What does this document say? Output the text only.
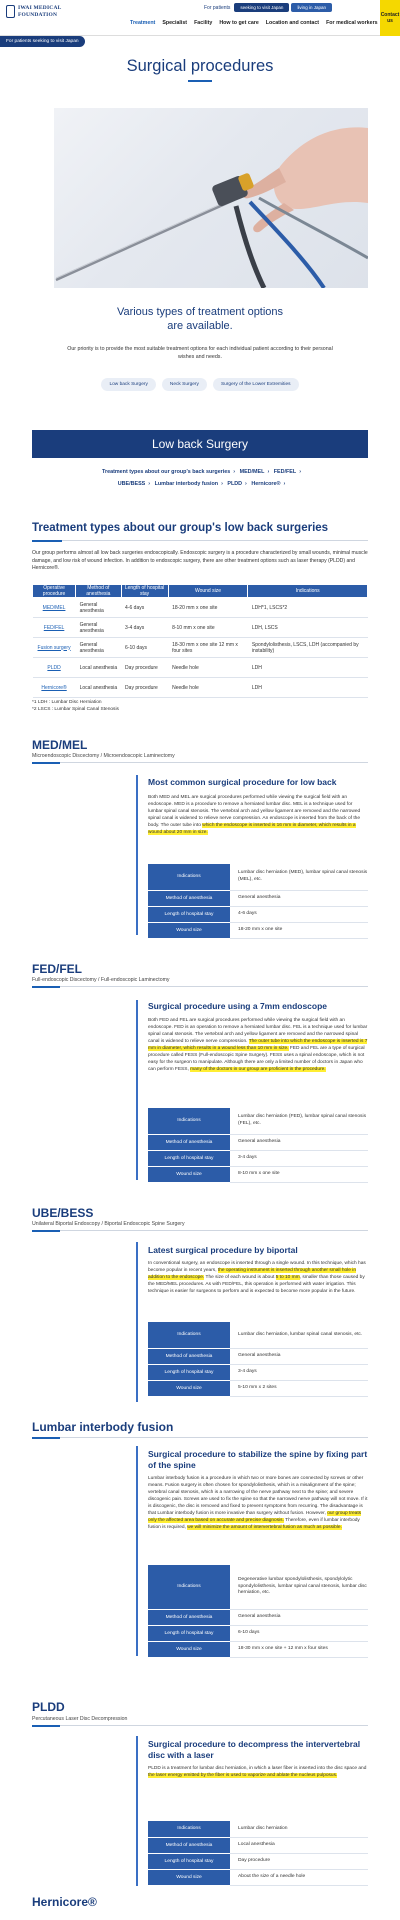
IWAI MEDICAL
FOUNDATION
For patients	seeking to visit Japan	living in Japan
Treatment Specialist Facility How to get care Location and contact For medical workers
Contact
us
For patients seeking to visit Japan
Surgical procedures
Various types of treatment options
are available.

Our priority is to provide the most suitable treatment options for each individual patient according to their personal wishes and needs.

Low back Surgery	Neck Surgery	Surgery of the Lower Extremities
Low back Surgery
Treatment types about our group's back surgeries › MED/MEL › FED/FEL ›
UBE/BESS › Lumbar interbody fusion › PLDD › Hernicore® ›
Treatment types about our group's low back surgeries

Our group performs almost all low back surgeries endoscopically. Endoscopic surgery is a procedure characterized by small wounds, minimal muscle damage, and low risk of wound infection. In addition to endoscopic surgery, there are other treatment options such as laser therapy (PLDD) and Hernicore®.

Operative procedure	Method of anesthesia	Length of hospital stay	Wound size	Indications
MED/MEL	General anesthesia	4-6 days	18-20 mm x one site	LDH*1, LSCS*2
FED/FEL	General anesthesia	3-4 days	8-10 mm x one site	LDH, LSCS
Fusion surgery	General anesthesia	6-10 days	18-30 mm x one site 12 mm x four sites	Spondylolisthesis, LSCS, LDH (accompanied by instability)
PLDD	Local anesthesia	Day procedure	Needle hole	LDH
Hernicore®	Local anesthesia	Day procedure	Needle hole	LDH
*1 LDH : Lumbar Disc Herniation
*2 LSCS : Lumbar Spinal Canal Stenosis
MED/MEL
Microendoscopic Discectomy / Microendoscopic Laminectomy
Most common surgical procedure for low back

Both MED and MEL are surgical procedures performed while viewing the surgical field with an endoscope. MED is a procedure to remove a herniated lumbar disc. MEL is a technique used for lumbar spinal canal stenosis. The vertebral arch and yellow ligament are removed and the narrowed spinal canal is widened to relieve nerve compression. An endoscope is inserted from the back of the body. The outer tube into which the endoscope is inserted is 16 mm in diameter, which results in a wound about 20 mm in size.

Indications	Lumbar disc herniation (MED), lumbar spinal canal stenosis (MEL), etc.
Method of anesthesia	General anesthesia
Length of hospital stay	4-6 days
Wound size	18-20 mm x one site
FED/FEL
Full-endoscopic Discectomy / Full-endoscopic Laminectomy
Surgical procedure using a 7mm endoscope

Both FED and FEL are surgical procedures performed while viewing the surgical field with an endoscope. FED is an operation to remove a herniated lumbar disc. FEL is a technique used for lumbar spinal canal stenosis. The vertebral arch and yellow ligament are removed and the narrowed spinal canal is widened to relieve nerve compression. The outer tube into which the endoscope is inserted is 7 mm in diameter, which results in a wound less than 10 mm in size. FED and FEL are a type of surgical procedure called FESS (Full-endoscopic Spine Surgery). FESS uses a spinal endoscope, which is not easy for the surgeon to manipulate. Although there are only a limited number of doctors in Japan who can perform FESS, many of the doctors in our group are proficient in the procedure.

Indications	Lumbar disc herniation (FED), lumbar spinal canal stenosis (FEL), etc.
Method of anesthesia	General anesthesia
Length of hospital stay	3-4 days
Wound size	8-10 mm x one site
UBE/BESS
Unilateral Biportal Endoscopy / Biportal Endoscopic Spine Surgery
Latest surgical procedure by biportal

In conventional surgery, an endoscope is inserted through a single wound. In this technique, which has become popular in recent years, the operating instrument is inserted through another small hole in addition to the endoscope. The size of each wound is about 5 to 10 mm, smaller than those caused by the MED/MEL procedures. As with FED/FEL, this operation is performed with water irrigation. This technique is easier for surgeons to perform and is expected to become more popular in the future.

Indications	Lumbar disc herniation, lumbar spinal canal stenosis, etc.
Method of anesthesia	General anesthesia
Length of hospital stay	3-4 days
Wound size	5-10 mm x 2 sites
Lumbar interbody fusion
Surgical procedure to stabilize the spine by fixing part of the spine

Lumbar interbody fusion is a procedure in which two or more bones are connected by screws or other means. Fusion surgery is often chosen for spondylolisthesis, which is a misalignment of the spine; vertebral canal stenosis, which is a narrowing of the nerve pathway next to the spine; and severe discogenic pain. Screws are used to fix the spine so that the narrowed nerve pathway will not move. If it is discogenic, the disc is removed and fixed to prevent symptoms from recurring. The disadvantage is that Lumbar interbody fusion is more invasive than surgery without fusion. However, our group treats only the affected area based on accurate and precise diagnosis. Therefore, even if lumbar interbody fusion is required, we will minimize the amount of intervertebral fusion as much as possible.

Indications	Degenerative lumbar spondylolisthesis, spondylolytic spondylolisthesis, lumbar spinal canal stenosis, lumbar disc herniation, etc.
Method of anesthesia	General anesthesia
Length of hospital stay	6-10 days
Wound size	18-30 mm x one site + 12 mm x four sites
PLDD
Percutaneous Laser Disc Decompression
Surgical procedure to decompress the intervertebral disc with a laser

PLDD is a treatment for lumbar disc herniation, in which a laser fiber is inserted into the disc space and the laser energy emitted by the fiber is used to vaporize and ablate the nucleus pulposus.

Indications	Lumbar disc herniation
Method of anesthesia	Local anesthesia
Length of hospital stay	Day procedure
Wound size	About the size of a needle hole
Hernicore®
